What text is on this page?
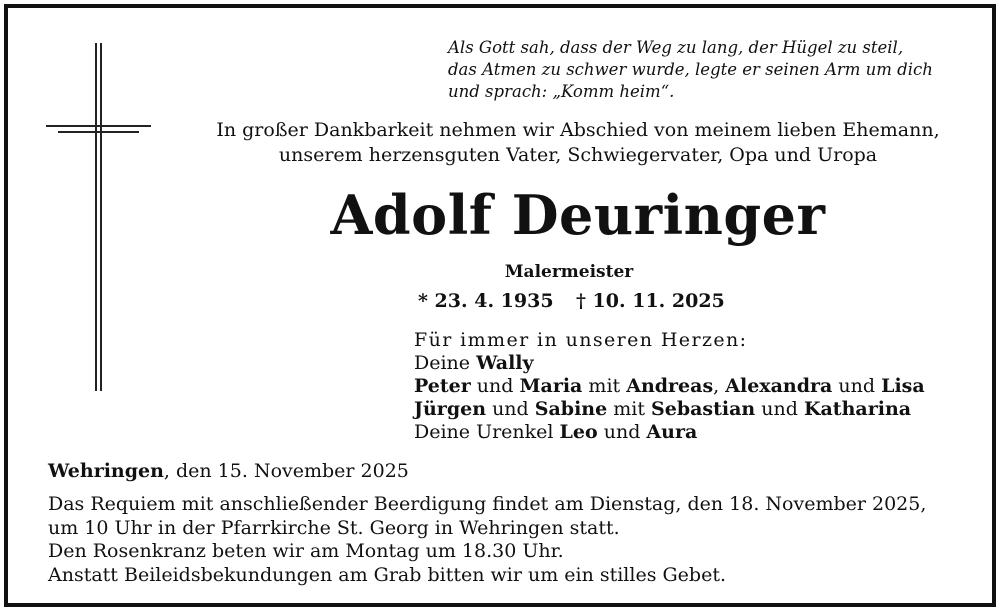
Als Gott sah, dass der Weg zu lang, der Hügel zu steil,
das Atmen zu schwer wurde, legte er seinen Arm um dich
und sprach: „Komm heim“.
In großer Dankbarkeit nehmen wir Abschied von meinem lieben Ehemann,
unserem herzensguten Vater, Schwiegervater, Opa und Uropa
Adolf Deuringer
Malermeister
* 23. 4. 1935 † 10. 11. 2025
Für immer in unseren Herzen:
Deine Wally
Peter und Maria mit Andreas, Alexandra und Lisa
Jürgen und Sabine mit Sebastian und Katharina
Deine Urenkel Leo und Aura
Wehringen, den 15. November 2025
Das Requiem mit anschließender Beerdigung findet am Dienstag, den 18. November 2025,
um 10 Uhr in der Pfarrkirche St. Georg in Wehringen statt.
Den Rosenkranz beten wir am Montag um 18.30 Uhr.
Anstatt Beileidsbekundungen am Grab bitten wir um ein stilles Gebet.
